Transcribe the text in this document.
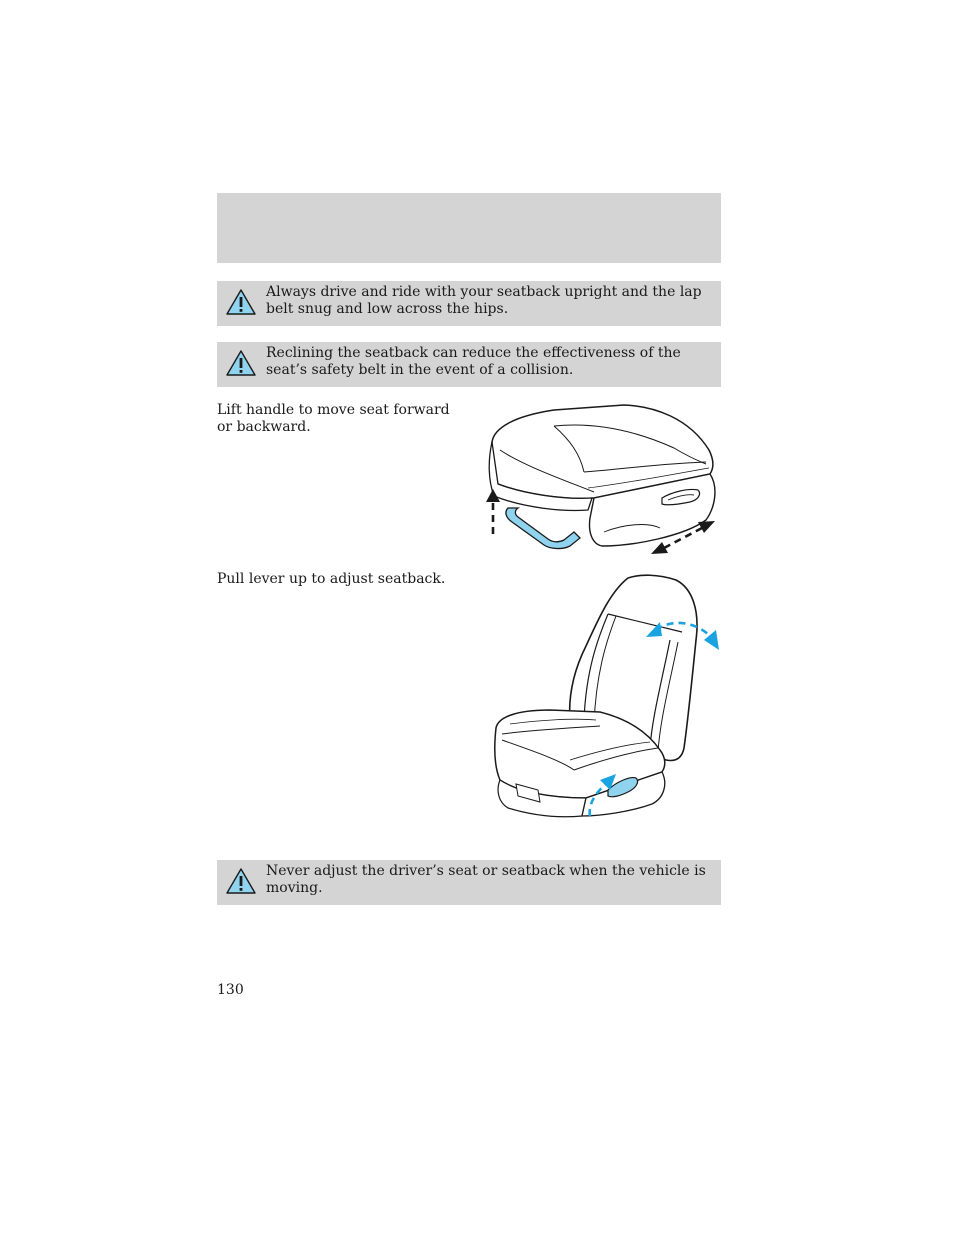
Always drive and ride with your seatback upright and the lap belt snug and low across the hips.
Reclining the seatback can reduce the effectiveness of the seat’s safety belt in the event of a collision.
Lift handle to move seat forward or backward.
Pull lever up to adjust seatback.
Never adjust the driver’s seat or seatback when the vehicle is moving.
130
